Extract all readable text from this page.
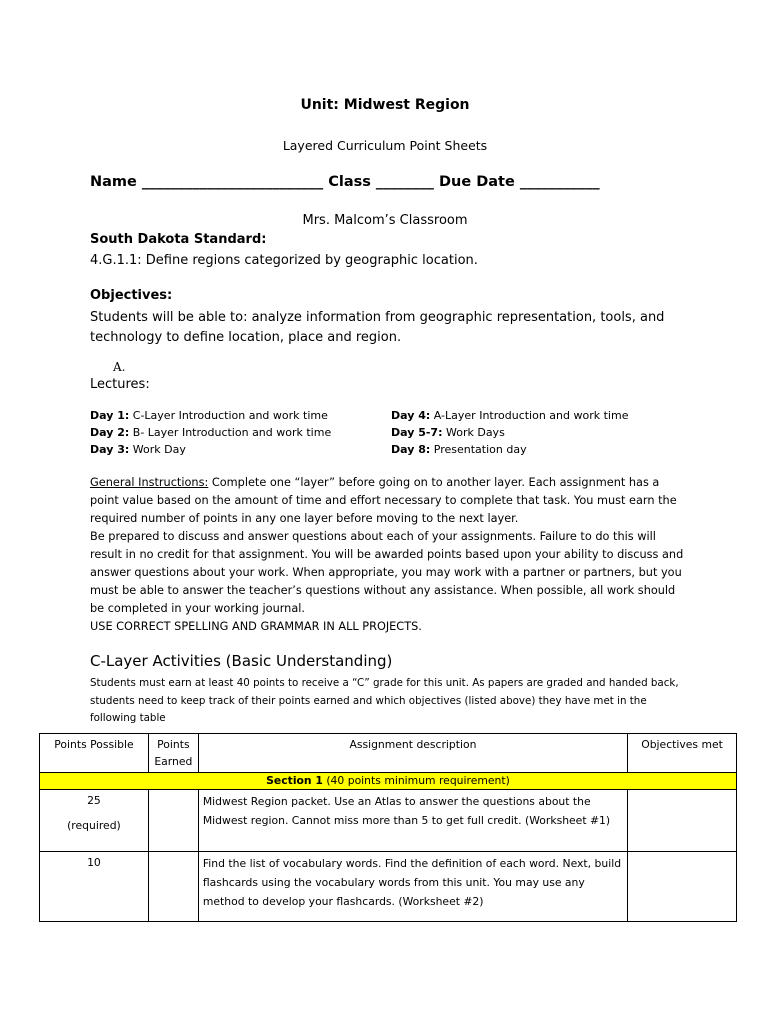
Unit: Midwest Region
Layered Curriculum Point Sheets
Name _________________________ Class ________ Due Date ___________
Mrs. Malcom’s Classroom
South Dakota Standard:
4.G.1.1: Define regions categorized by geographic location.
Objectives:
Students will be able to: analyze information from geographic representation, tools, and technology to define location, place and region.
A.
Lectures:
Day 1: C-Layer Introduction and work time
Day 2: B- Layer Introduction and work time
Day 3: Work Day
Day 4: A-Layer Introduction and work time
Day 5-7: Work Days
Day 8: Presentation day
General Instructions: Complete one “layer” before going on to another layer. Each assignment has a point value based on the amount of time and effort necessary to complete that task. You must earn the required number of points in any one layer before moving to the next layer.
Be prepared to discuss and answer questions about each of your assignments. Failure to do this will result in no credit for that assignment. You will be awarded points based upon your ability to discuss and answer questions about your work. When appropriate, you may work with a partner or partners, but you must be able to answer the teacher’s questions without any assistance. When possible, all work should be completed in your working journal.
USE CORRECT SPELLING AND GRAMMAR IN ALL PROJECTS.
C-Layer Activities (Basic Understanding)
Students must earn at least 40 points to receive a “C” grade for this unit. As papers are graded and handed back, students need to keep track of their points earned and which objectives (listed above) they have met in the following table
Points Possible	Points Earned	Assignment description	Objectives met
Section 1 (40 points minimum requirement)			

25
(required)		Midwest Region packet. Use an Atlas to answer the questions about the Midwest region. Cannot miss more than 5 to get full credit. (Worksheet #1)	
10		Find the list of vocabulary words. Find the definition of each word. Next, build flashcards using the vocabulary words from this unit. You may use any method to develop your flashcards. (Worksheet #2)	
